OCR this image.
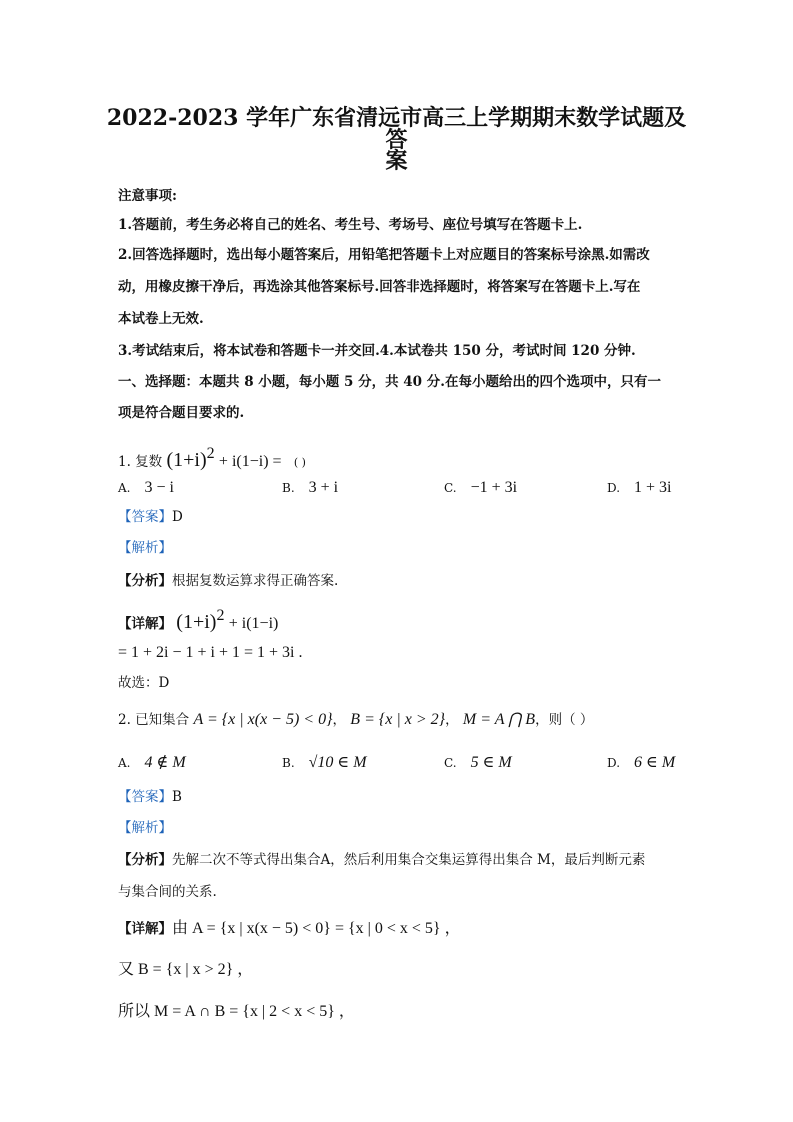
2022-2023 学年广东省清远市高三上学期期末数学试题及答
案
注意事项:
1.答题前，考生务必将自己的姓名、考生号、考场号、座位号填写在答题卡上.
2.回答选择题时，选出每小题答案后，用铅笔把答题卡上对应题目的答案标号涂黑.如需改
动，用橡皮擦干净后，再选涂其他答案标号.回答非选择题时，将答案写在答题卡上.写在
本试卷上无效.
3.考试结束后，将本试卷和答题卡一并交回.4.本试卷共 150 分，考试时间 120 分钟.
一、选择题：本题共 8 小题，每小题 5 分，共 40 分.在每小题给出的四个选项中，只有一
项是符合题目要求的.
1. 复数 $(1+i)^2 + i(1-i)$ = ( )
A. 3 − i	B. 3 + i	C. −1 + 3i	D. 1 + 3i
【答案】D
【解析】
【分析】根据复数运算求得正确答案.
【详解】 $(1+i)^2 + i(1-i)$
= 1 + 2i − 1 + i + 1 = 1 + 3i .
故选：D
2. 已知集合 A = {x | x(x − 5) < 0}， B = {x | x > 2}， M = A ⋂ B，则（ ）
A. 4 ∉ M	B. √10 ∈ M	C. 5 ∈ M	D. 6 ∈ M
【答案】B
【解析】
【分析】先解二次不等式得出集合A，然后利用集合交集运算得出集合 M，最后判断元素
与集合间的关系.
【详解】由 A = {x | x(x − 5) < 0} = {x | 0 < x < 5} ，
又 B = {x | x > 2} ，
所以 M = A ∩ B = {x | 2 < x < 5} ，
